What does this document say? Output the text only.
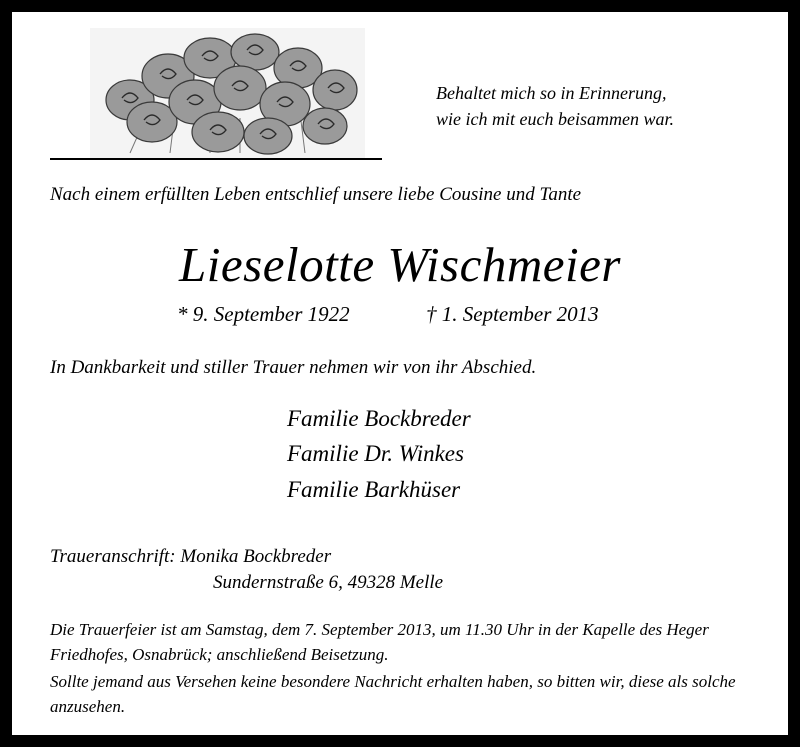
Behaltet mich so in Erinnerung,
wie ich mit euch beisammen war.
Nach einem erfüllten Leben entschlief unsere liebe Cousine und Tante
Lieselotte Wischmeier
* 9. September 1922	† 1. September 2013
In Dankbarkeit und stiller Trauer nehmen wir von ihr Abschied.
Familie Bockbreder
Familie Dr. Winkes
Familie Barkhüser
Traueranschrift: Monika Bockbreder
Sundernstraße 6, 49328 Melle
Die Trauerfeier ist am Samstag, dem 7. September 2013, um 11.30 Uhr in der Kapelle des Heger Friedhofes, Osnabrück; anschließend Beisetzung.
Sollte jemand aus Versehen keine besondere Nachricht erhalten haben, so bitten wir, diese als solche anzusehen.
